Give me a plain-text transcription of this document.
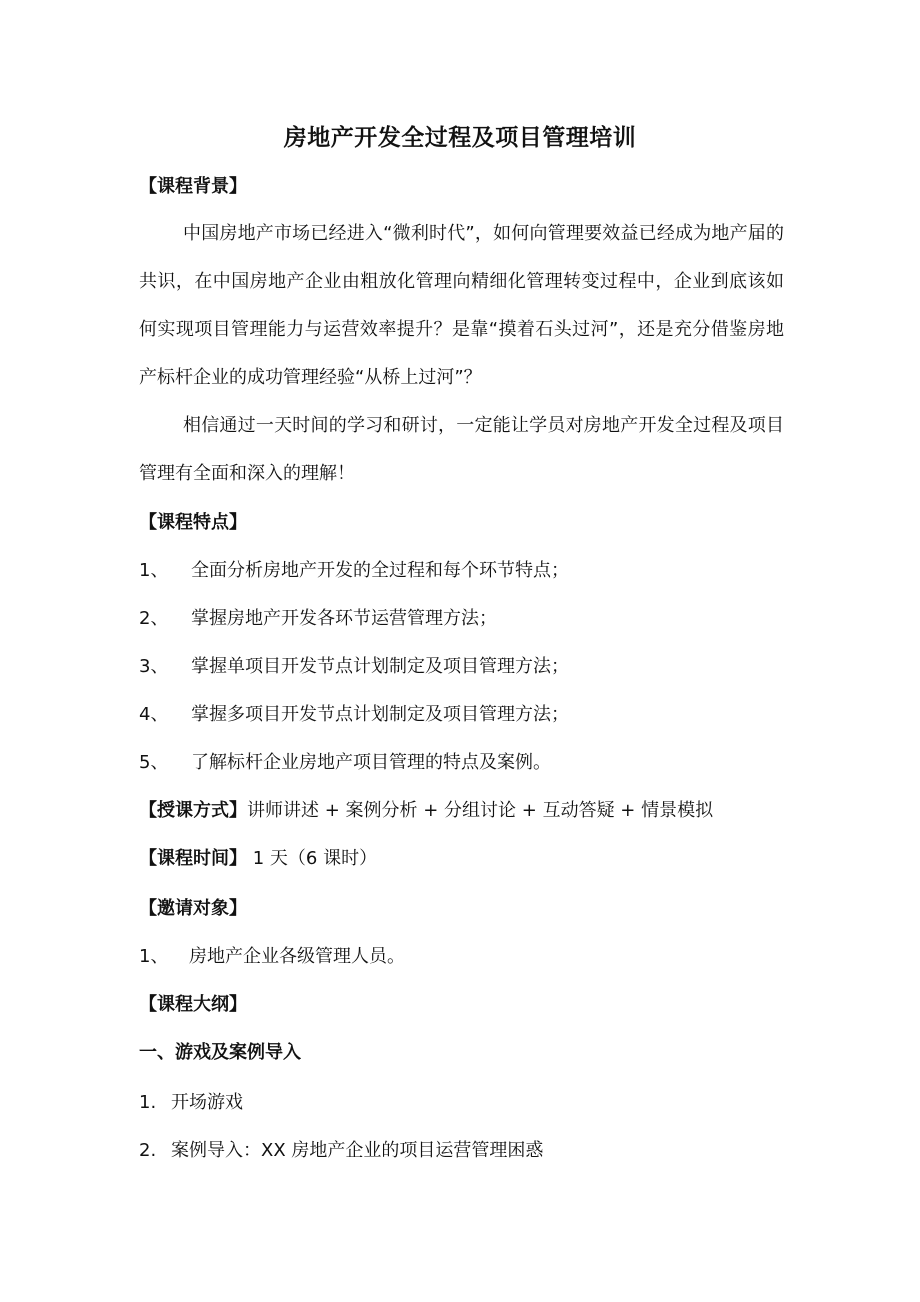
房地产开发全过程及项目管理培训
【课程背景】

中国房地产市场已经进入“微利时代”，如何向管理要效益已经成为地产届的共识，在中国房地产企业由粗放化管理向精细化管理转变过程中，企业到底该如何实现项目管理能力与运营效率提升？是靠“摸着石头过河”，还是充分借鉴房地产标杆企业的成功管理经验“从桥上过河”？

相信通过一天时间的学习和研讨，一定能让学员对房地产开发全过程及项目管理有全面和深入的理解！

【课程特点】
1、 全面分析房地产开发的全过程和每个环节特点；
2、 掌握房地产开发各环节运营管理方法；
3、 掌握单项目开发节点计划制定及项目管理方法；
4、 掌握多项目开发节点计划制定及项目管理方法；
5、 了解标杆企业房地产项目管理的特点及案例。
【授课方式】讲师讲述 + 案例分析 + 分组讨论 + 互动答疑 + 情景模拟
【课程时间】 1 天（6 课时）
【邀请对象】
1、 房地产企业各级管理人员。
【课程大纲】
一、游戏及案例导入
1. 开场游戏
2. 案例导入：XX 房地产企业的项目运营管理困惑
